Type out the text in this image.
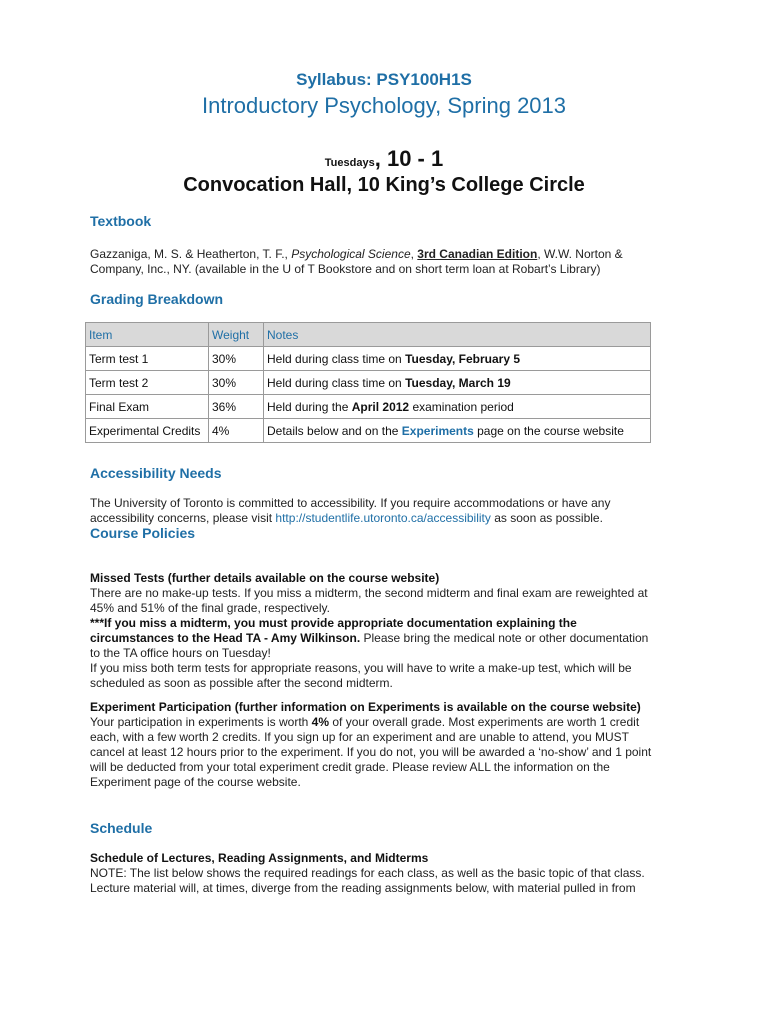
Syllabus: PSY100H1S
Introductory Psychology, Spring 2013
Tuesdays, 10 - 1
Convocation Hall, 10 King’s College Circle
Textbook
Gazzaniga, M. S. & Heatherton, T. F., Psychological Science, 3rd Canadian Edition, W.W. Norton & Company, Inc., NY. (available in the U of T Bookstore and on short term loan at Robart’s Library)
Grading Breakdown
Item	Weight	Notes
Term test 1	30%	Held during class time on Tuesday, February 5
Term test 2	30%	Held during class time on Tuesday, March 19
Final Exam	36%	Held during the April 2012 examination period
Experimental Credits	4%	Details below and on the Experiments page on the course website
Accessibility Needs
The University of Toronto is committed to accessibility. If you require accommodations or have any accessibility concerns, please visit http://studentlife.utoronto.ca/accessibility as soon as possible.
Course Policies
Missed Tests (further details available on the course website)
There are no make-up tests. If you miss a midterm, the second midterm and final exam are reweighted at 45% and 51% of the final grade, respectively.
***If you miss a midterm, you must provide appropriate documentation explaining the circumstances to the Head TA - Amy Wilkinson. Please bring the medical note or other documentation to the TA office hours on Tuesday!
If you miss both term tests for appropriate reasons, you will have to write a make-up test, which will be scheduled as soon as possible after the second midterm.
Experiment Participation (further information on Experiments is available on the course website)
Your participation in experiments is worth 4% of your overall grade. Most experiments are worth 1 credit each, with a few worth 2 credits. If you sign up for an experiment and are unable to attend, you MUST cancel at least 12 hours prior to the experiment. If you do not, you will be awarded a ‘no-show’ and 1 point will be deducted from your total experiment credit grade. Please review ALL the information on the Experiment page of the course website.
Schedule
Schedule of Lectures, Reading Assignments, and Midterms
NOTE: The list below shows the required readings for each class, as well as the basic topic of that class. Lecture material will, at times, diverge from the reading assignments below, with material pulled in from
